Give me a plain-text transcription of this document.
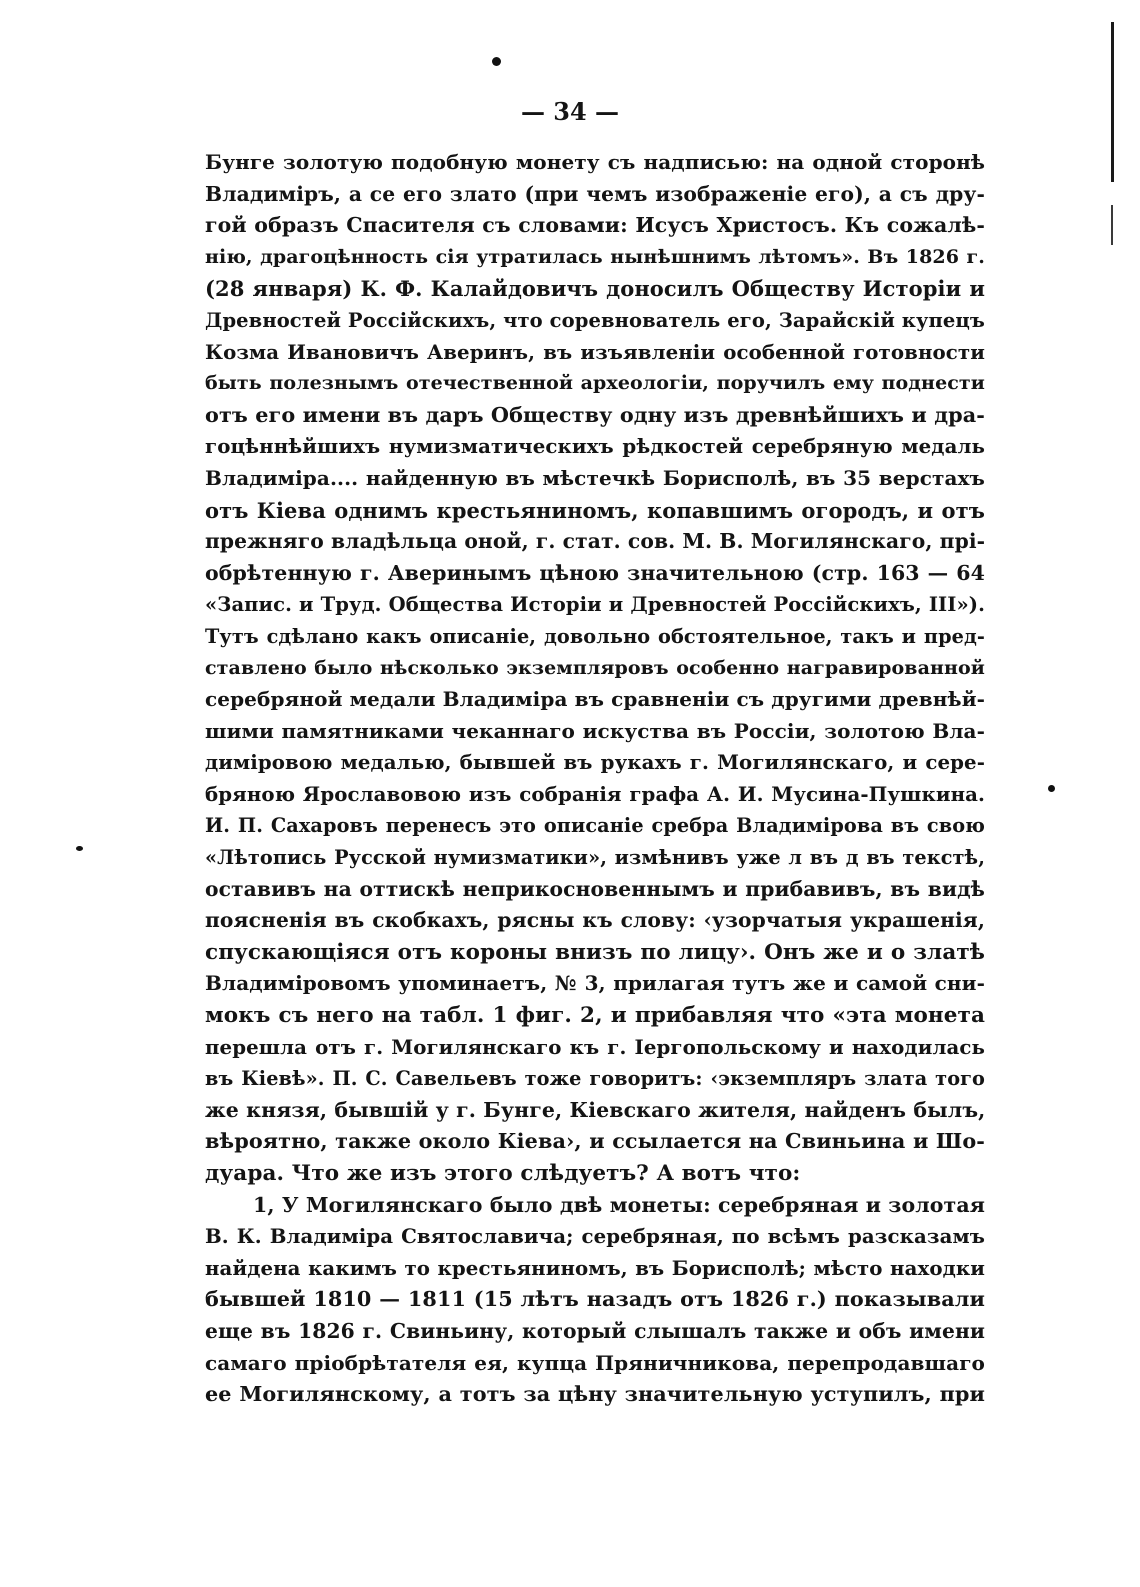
— 34 —
Бунге золотую подобную монету съ надписью: на одной сторонѣ
Владимiръ, а се его злато (при чемъ изображенiе его), а съ дру-
гой образъ Спасителя съ словами: Исусъ Христосъ. Къ сожалѣ-
нiю, драгоцѣнность сiя утратилась нынѣшнимъ лѣтомъ». Въ 1826 г.
(28 января) К. Ф. Калайдовичъ доносилъ Обществу Исторiи и
Древностей Россiйскихъ, что соревнователь его, Зарайскiй купецъ
Козма Ивановичъ Аверинъ, въ изъявленiи особенной готовности
быть полезнымъ отечественной археологiи, поручилъ ему поднести
отъ его имени въ даръ Обществу одну изъ древнѣйшихъ и дра-
гоцѣннѣйшихъ нумизматическихъ рѣдкостей серебряную медаль
Владимiра.... найденную въ мѣстечкѣ Борисполѣ, въ 35 верстахъ
отъ Кiева однимъ крестьяниномъ, копавшимъ огородъ, и отъ
прежняго владѣльца оной, г. стат. сов. М. В. Могилянскаго, прi-
обрѣтенную г. Аверинымъ цѣною значительною (стр. 163 — 64
«Запис. и Труд. Общества Исторiи и Древностей Россiйскихъ, III»).
Тутъ сдѣлано какъ описанiе, довольно обстоятельное, такъ и пред-
ставлено было нѣсколько экземпляровъ особенно награвированной
серебряной медали Владимiра въ сравненiи съ другими древнѣй-
шими памятниками чеканнаго искуства въ Россiи, золотою Вла-
димiровою медалью, бывшей въ рукахъ г. Могилянскаго, и сере-
бряною Ярославовою изъ собранiя графа А. И. Мусина-Пушкина.
И. П. Сахаровъ перенесъ это описанiе сребра Владимiрова въ свою
«Лѣтопись Русской нумизматики», измѣнивъ уже л въ д въ текстѣ,
оставивъ на оттискѣ неприкосновеннымъ и прибавивъ, въ видѣ
поясненiя въ скобкахъ, рясны къ слову: ‹узорчатыя украшенiя,
спускающiяся отъ короны внизъ по лицу›. Онъ же и о златѣ
Владимiровомъ упоминаетъ, № 3, прилагая тутъ же и самой сни-
мокъ съ него на табл. 1 фиг. 2, и прибавляя что «эта монета
перешла отъ г. Могилянскаго къ г. Iергопольскому и находилась
въ Кiевѣ». П. С. Савельевъ тоже говоритъ: ‹экземпляръ злата того
же князя, бывшiй у г. Бунге, Кiевскаго жителя, найденъ былъ,
вѣроятно, также около Кiева›, и ссылается на Свиньина и Шо-
дуара. Что же изъ этого слѣдуетъ? А вотъ что:
1, У Могилянскаго было двѣ монеты: серебряная и золотая
В. К. Владимiра Святославича; серебряная, по всѣмъ разсказамъ
найдена какимъ то крестьяниномъ, въ Борисполѣ; мѣсто находки
бывшей 1810 — 1811 (15 лѣтъ назадъ отъ 1826 г.) показывали
еще въ 1826 г. Свиньину, который слышалъ также и объ имени
самаго прiобрѣтателя ея, купца Пряничникова, перепродавшаго
ее Могилянскому, а тотъ за цѣну значительную уступилъ, при
